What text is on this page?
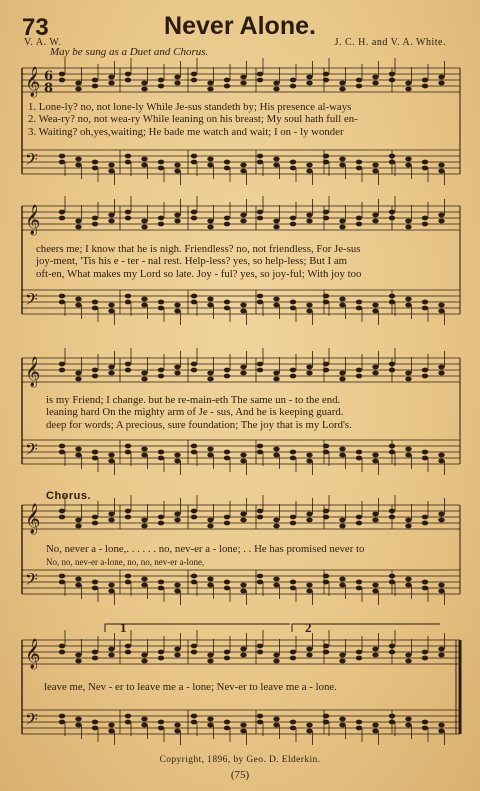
73	Never Alone.
V. A. W.	J. C. H. and V. A. White.
May be sung as a Duet and Chorus.
𝄞
𝄢
𝄞
𝄢
𝄞
𝄢
𝄞
𝄢
𝄞
𝄢
6
8
1. Lone-ly? no, not lone-ly While Je-sus standeth by; His presence al-ways
2. Wea-ry? no, not wea-ry While leaning on his breast; My soul hath full en-
3. Waiting? oh,yes,waiting; He bade me watch and wait; I on - ly wonder
cheers me; I know that he is nigh. Friendless? no, not friendless, For Je-sus
joy-ment, 'Tis his e - ter - nal rest. Help-less? yes, so help-less; But I am
oft-en, What makes my Lord so late. Joy - ful? yes, so joy-ful; With joy too
is my Friend; I change. but he re-main-eth The same un - to the end.
leaning hard On the mighty arm of Je - sus, And he is keeping guard.
deep for words; A precious, sure foundation; The joy that is my Lord's.
Chorus.
No, never a - lone,. . . . . . no, nev-er a - lone; . . He has promised never to
No, no, nev-er a-lone, no, no, nev-er a-lone,
1	2
leave me, Nev - er to leave me a - lone; Nev-er to leave me a - lone.
Copyright, 1896, by Geo. D. Elderkin.
(75)
